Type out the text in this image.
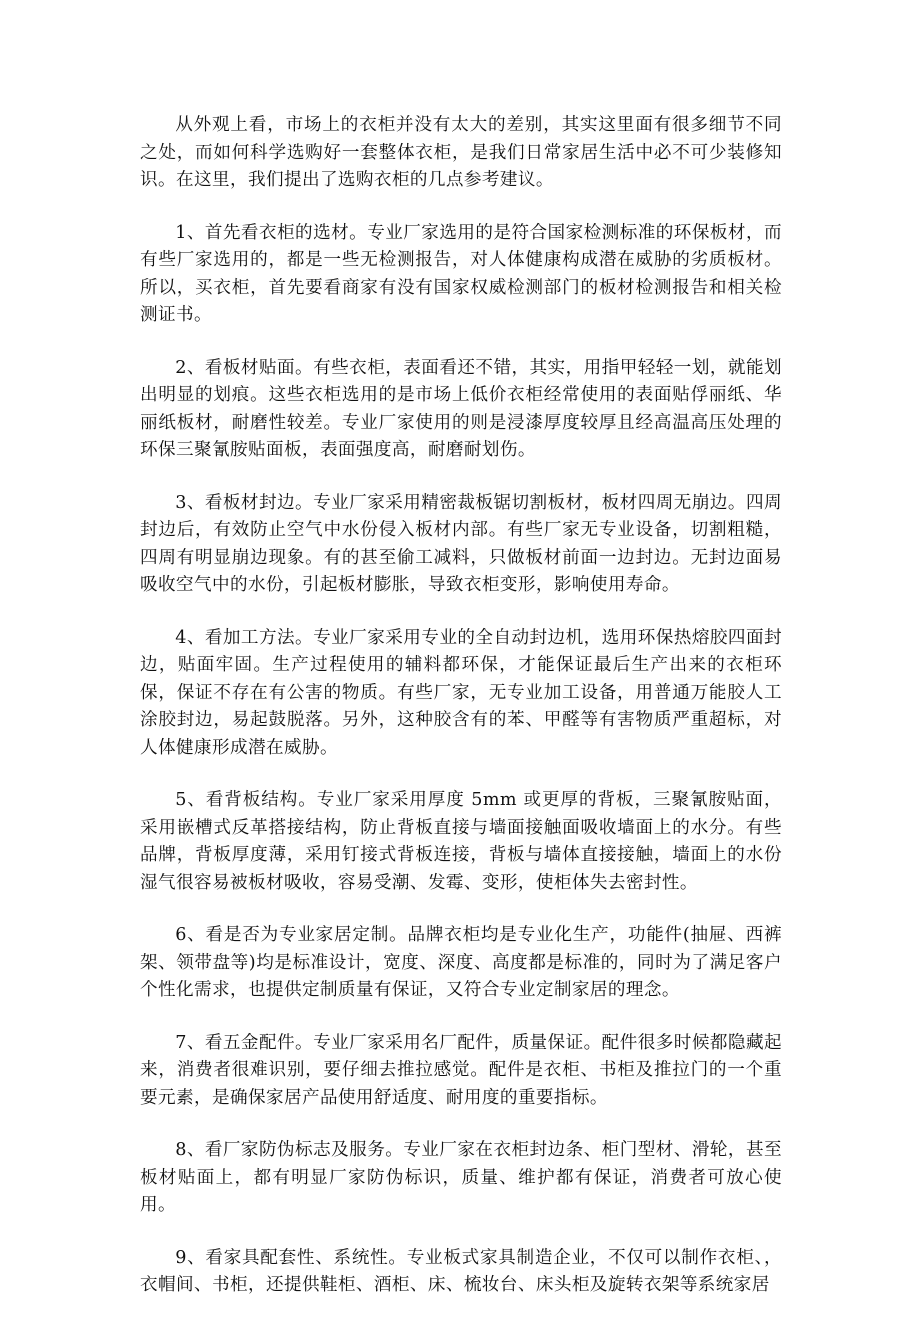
从外观上看，市场上的衣柜并没有太大的差别，其实这里面有很多细节不同之处，而如何科学选购好一套整体衣柜，是我们日常家居生活中必不可少装修知识。在这里，我们提出了选购衣柜的几点参考建议。

1、首先看衣柜的选材。专业厂家选用的是符合国家检测标准的环保板材，而有些厂家选用的，都是一些无检测报告，对人体健康构成潜在威胁的劣质板材。所以，买衣柜，首先要看商家有没有国家权威检测部门的板材检测报告和相关检测证书。

2、看板材贴面。有些衣柜，表面看还不错，其实，用指甲轻轻一划，就能划出明显的划痕。这些衣柜选用的是市场上低价衣柜经常使用的表面贴俘丽纸、华丽纸板材，耐磨性较差。专业厂家使用的则是浸漆厚度较厚且经高温高压处理的环保三聚氰胺贴面板，表面强度高，耐磨耐划伤。

3、看板材封边。专业厂家采用精密裁板锯切割板材，板材四周无崩边。四周封边后，有效防止空气中水份侵入板材内部。有些厂家无专业设备，切割粗糙，四周有明显崩边现象。有的甚至偷工减料，只做板材前面一边封边。无封边面易吸收空气中的水份，引起板材膨胀，导致衣柜变形，影响使用寿命。

4、看加工方法。专业厂家采用专业的全自动封边机，选用环保热熔胶四面封边，贴面牢固。生产过程使用的辅料都环保，才能保证最后生产出来的衣柜环保，保证不存在有公害的物质。有些厂家，无专业加工设备，用普通万能胶人工涂胶封边，易起鼓脱落。另外，这种胶含有的苯、甲醛等有害物质严重超标，对人体健康形成潜在威胁。

5、看背板结构。专业厂家采用厚度 5mm 或更厚的背板，三聚氰胺贴面，采用嵌槽式反革搭接结构，防止背板直接与墙面接触面吸收墙面上的水分。有些品牌，背板厚度薄，采用钉接式背板连接，背板与墙体直接接触，墙面上的水份湿气很容易被板材吸收，容易受潮、发霉、变形，使柜体失去密封性。

6、看是否为专业家居定制。品牌衣柜均是专业化生产，功能件(抽屉、西裤架、领带盘等)均是标准设计，宽度、深度、高度都是标准的，同时为了满足客户个性化需求，也提供定制质量有保证，又符合专业定制家居的理念。

7、看五金配件。专业厂家采用名厂配件，质量保证。配件很多时候都隐藏起来，消费者很难识别，要仔细去推拉感觉。配件是衣柜、书柜及推拉门的一个重要元素，是确保家居产品使用舒适度、耐用度的重要指标。

8、看厂家防伪标志及服务。专业厂家在衣柜封边条、柜门型材、滑轮，甚至板材贴面上，都有明显厂家防伪标识，质量、维护都有保证，消费者可放心使用。

9、看家具配套性、系统性。专业板式家具制造企业，不仅可以制作衣柜、，衣帽间、书柜，还提供鞋柜、酒柜、床、梳妆台、床头柜及旋转衣架等系统家居
